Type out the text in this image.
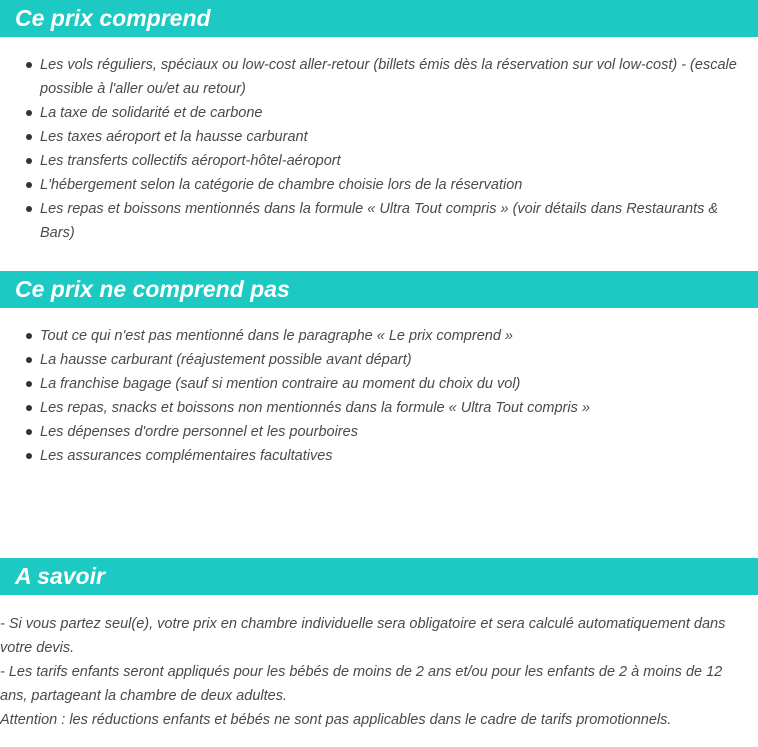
Ce prix comprend
Les vols réguliers, spéciaux ou low-cost aller-retour (billets émis dès la réservation sur vol low-cost) - (escale possible à l'aller ou/et au retour)
La taxe de solidarité et de carbone
Les taxes aéroport et la hausse carburant
Les transferts collectifs aéroport-hôtel-aéroport
L'hébergement selon la catégorie de chambre choisie lors de la réservation
Les repas et boissons mentionnés dans la formule « Ultra Tout compris » (voir détails dans Restaurants & Bars)
Ce prix ne comprend pas
Tout ce qui n'est pas mentionné dans le paragraphe « Le prix comprend »
La hausse carburant (réajustement possible avant départ)
La franchise bagage (sauf si mention contraire au moment du choix du vol)
Les repas, snacks et boissons non mentionnés dans la formule « Ultra Tout compris »
Les dépenses d'ordre personnel et les pourboires
Les assurances complémentaires facultatives
A savoir

- Si vous partez seul(e), votre prix en chambre individuelle sera obligatoire et sera calculé automatiquement dans votre devis.

- Les tarifs enfants seront appliqués pour les bébés de moins de 2 ans et/ou pour les enfants de 2 à moins de 12 ans, partageant la chambre de deux adultes.

Attention : les réductions enfants et bébés ne sont pas applicables dans le cadre de tarifs promotionnels.
